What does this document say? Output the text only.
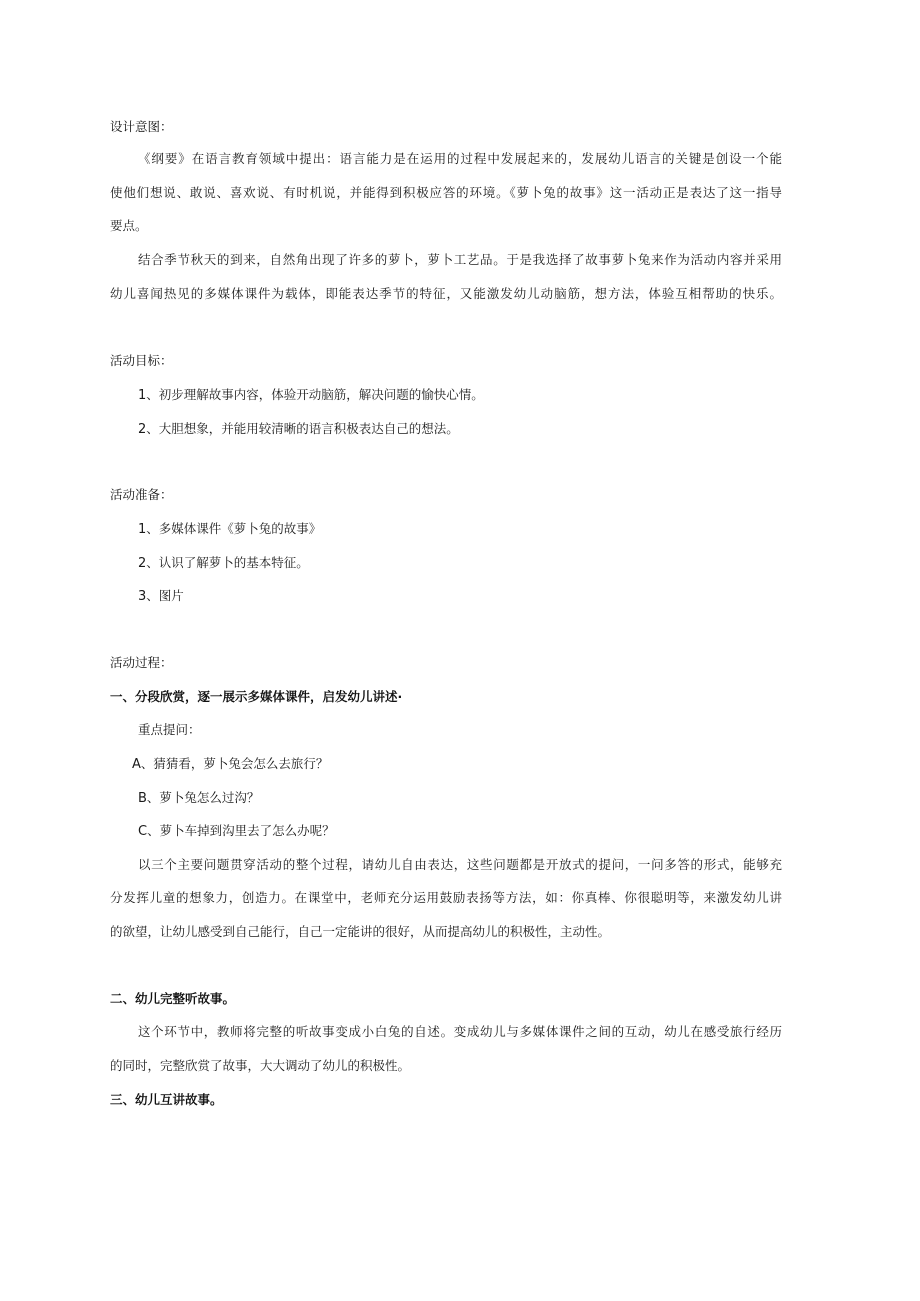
设计意图：
《纲要》在语言教育领域中提出：语言能力是在运用的过程中发展起来的，发展幼儿语言的关键是创设一个能
使他们想说、敢说、喜欢说、有时机说，并能得到积极应答的环境。《萝卜兔的故事》这一活动正是表达了这一指导
要点。
结合季节秋天的到来，自然角出现了许多的萝卜，萝卜工艺品。于是我选择了故事萝卜兔来作为活动内容并采用
幼儿喜闻热见的多媒体课件为载体，即能表达季节的特征，又能激发幼儿动脑筋，想方法，体验互相帮助的快乐。
活动目标：
1、初步理解故事内容，体验开动脑筋，解决问题的愉快心情。
2、大胆想象，并能用较清晰的语言积极表达自己的想法。
活动准备：
1、多媒体课件《萝卜兔的故事》
2、认识了解萝卜的基本特征。
3、图片
活动过程：
一、分段欣赏，逐一展示多媒体课件，启发幼儿讲述·
重点提问：
A、猜猜看，萝卜兔会怎么去旅行？
B、萝卜兔怎么过沟？
C、萝卜车掉到沟里去了怎么办呢？
以三个主要问题贯穿活动的整个过程，请幼儿自由表达，这些问题都是开放式的提问，一问多答的形式，能够充
分发挥儿童的想象力，创造力。在课堂中，老师充分运用鼓励表扬等方法，如：你真棒、你很聪明等，来激发幼儿讲
的欲望，让幼儿感受到自己能行，自己一定能讲的很好，从而提高幼儿的积极性，主动性。
二、幼儿完整听故事。
这个环节中，教师将完整的听故事变成小白兔的自述。变成幼儿与多媒体课件之间的互动，幼儿在感受旅行经历
的同时，完整欣赏了故事，大大调动了幼儿的积极性。
三、幼儿互讲故事。
